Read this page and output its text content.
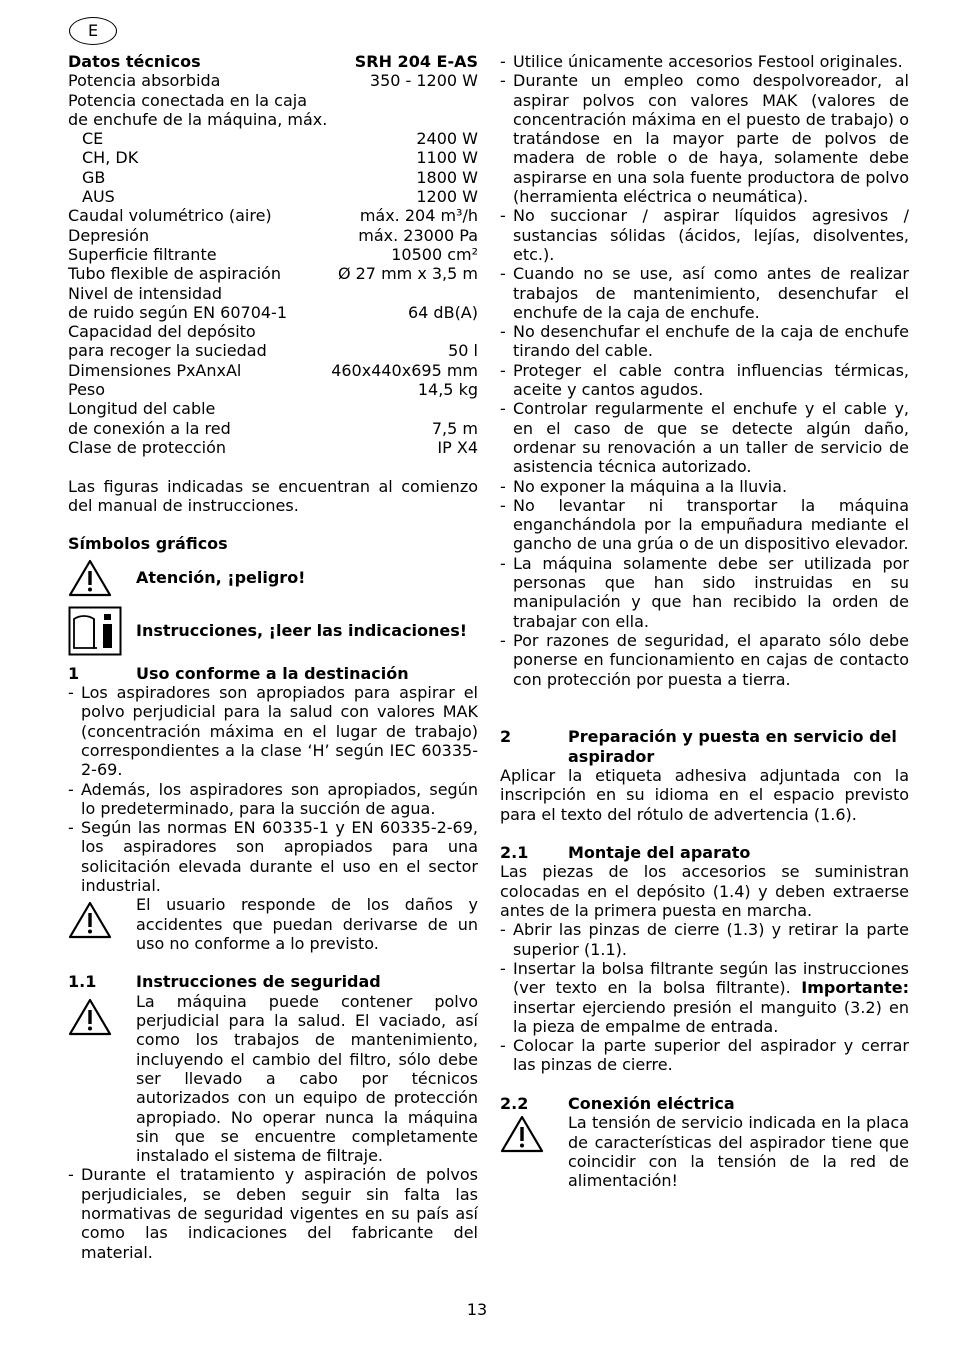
E
Datos técnicos	SRH 204 E-AS
Potencia absorbida	350 - 1200 W
Potencia conectada en la caja
de enchufe de la máquina, máx.
CE	2400 W
CH, DK	1100 W
GB	1800 W
AUS	1200 W
Caudal volumétrico (aire)	máx. 204 m³/h
Depresión	máx. 23000 Pa
Superficie filtrante	10500 cm²
Tubo flexible de aspiración	Ø 27 mm x 3,5 m
Nivel de intensidad
de ruido según EN 60704-1	64 dB(A)
Capacidad del depósito
para recoger la suciedad	50 l
Dimensiones PxAnxAl	460x440x695 mm
Peso	14,5 kg
Longitud del cable
de conexión a la red	7,5 m
Clase de protección	IP X4

Las figuras indicadas se encuentran al comienzo del manual de instrucciones.

Símbolos gráficos
Atención, ¡peligro!
Instrucciones, ¡leer las indicaciones!
1	Uso conforme a la destinación
- Los aspiradores son apropiados para aspirar el polvo perjudicial para la salud con valores MAK (concentración máxima en el lugar de trabajo) correspondientes a la clase ‘H’ según IEC 60335-2-69.
- Además, los aspiradores son apropiados, según lo predeterminado, para la succión de agua.
- Según las normas EN 60335-1 y EN 60335-2-69, los aspiradores son apropiados para una solicitación elevada durante el uso en el sector industrial.
El usuario responde de los daños y accidentes que puedan derivarse de un uso no conforme a lo previsto.
1.1	Instrucciones de seguridad
La máquina puede contener polvo perjudicial para la salud. El vaciado, así como los trabajos de mantenimiento, incluyendo el cambio del filtro, sólo debe ser llevado a cabo por técnicos autorizados con un equipo de protección apropiado. No operar nunca la máquina sin que se encuentre completamente instalado el sistema de filtraje.
- Durante el tratamiento y aspiración de polvos perjudiciales, se deben seguir sin falta las normativas de seguridad vigentes en su país así como las indicaciones del fabricante del material.
- Utilice únicamente accesorios Festool originales.
- Durante un empleo como despolvoreador, al aspirar polvos con valores MAK (valores de concentración máxima en el puesto de trabajo) o tratándose en la mayor parte de polvos de madera de roble o de haya, solamente debe aspirarse en una sola fuente productora de polvo (herramienta eléctrica o neumática).
- No succionar / aspirar líquidos agresivos / sustancias sólidas (ácidos, lejías, disolventes, etc.).
- Cuando no se use, así como antes de realizar trabajos de mantenimiento, desenchufar el enchufe de la caja de enchufe.
- No desenchufar el enchufe de la caja de enchufe tirando del cable.
- Proteger el cable contra influencias térmicas, aceite y cantos agudos.
- Controlar regularmente el enchufe y el cable y, en el caso de que se detecte algún daño, ordenar su renovación a un taller de servicio de asistencia técnica autorizado.
- No exponer la máquina a la lluvia.
- No levantar ni transportar la máquina enganchándola por la empuñadura mediante el gancho de una grúa o de un dispositivo elevador.
- La máquina solamente debe ser utilizada por personas que han sido instruidas en su manipulación y que han recibido la orden de trabajar con ella.
- Por razones de seguridad, el aparato sólo debe ponerse en funcionamiento en cajas de contacto con protección por puesta a tierra.
2	Preparación y puesta en servicio del aspirador

Aplicar la etiqueta adhesiva adjuntada con la inscripción en su idioma en el espacio previsto para el texto del rótulo de advertencia (1.6).

2.1	Montaje del aparato

Las piezas de los accesorios se suministran colocadas en el depósito (1.4) y deben extraerse antes de la primera puesta en marcha.

- Abrir las pinzas de cierre (1.3) y retirar la parte superior (1.1).
- Insertar la bolsa filtrante según las instrucciones (ver texto en la bolsa filtrante). Importante: insertar ejerciendo presión el manguito (3.2) en la pieza de empalme de entrada.
- Colocar la parte superior del aspirador y cerrar las pinzas de cierre.
2.2	Conexión eléctrica
La tensión de servicio indicada en la placa de características del aspirador tiene que coincidir con la tensión de la red de alimentación!
13
